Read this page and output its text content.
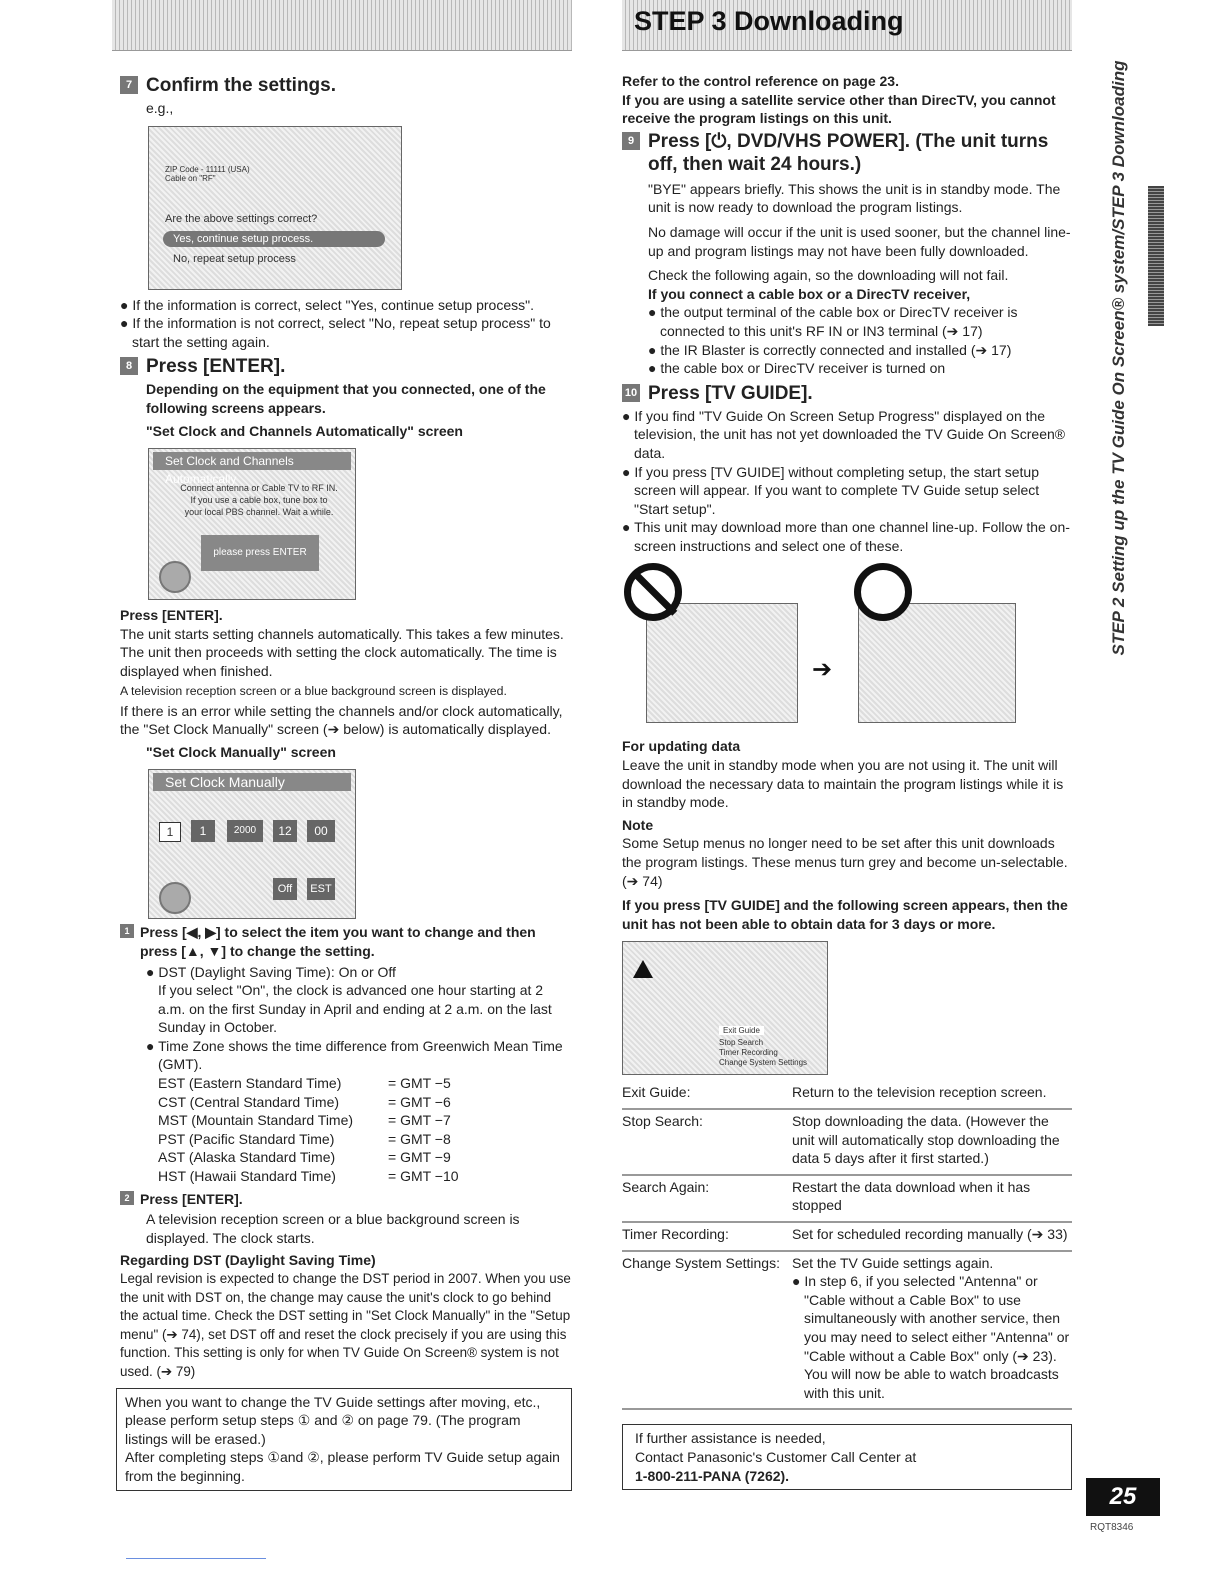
STEP 3 Downloading
7 Confirm the settings.

e.g.,

ZIP Code - 11111 (USA)
Cable on "RF"
Are the above settings correct?
Yes, continue setup process.
No, repeat setup process

● If the information is correct, select "Yes, continue setup process".

● If the information is not correct, select "No, repeat setup process" to start the setting again.

8 Press [ENTER].

Depending on the equipment that you connected, one of the following screens appears.

"Set Clock and Channels Automatically" screen

Set Clock and Channels Automatically
Connect antenna or Cable TV to RF IN.
If you use a cable box, tune box to
your local PBS channel. Wait a while.
please press ENTER

Press [ENTER].

The unit starts setting channels automatically. This takes a few minutes. The unit then proceeds with setting the clock automatically. The time is displayed when finished.

A television reception screen or a blue background screen is displayed.

If there is an error while setting the channels and/or clock automatically, the "Set Clock Manually" screen (➔ below) is automatically displayed.

"Set Clock Manually" screen

Set Clock Manually
1	1	2000	12	00
Off	EST
1 Press [◀, ▶] to select the item you want to change and then press [▲, ▼] to change the setting.

● DST (Daylight Saving Time): On or Off

If you select "On", the clock is advanced one hour starting at 2 a.m. on the first Sunday in April and ending at 2 a.m. on the last Sunday in October.

● Time Zone shows the time difference from Greenwich Mean Time (GMT).

EST (Eastern Standard Time)	= GMT −5
CST (Central Standard Time)	= GMT −6
MST (Mountain Standard Time)	= GMT −7
PST (Pacific Standard Time)	= GMT −8
AST (Alaska Standard Time)	= GMT −9
HST (Hawaii Standard Time)	= GMT −10
2 Press [ENTER].

A television reception screen or a blue background screen is displayed. The clock starts.

Regarding DST (Daylight Saving Time)

Legal revision is expected to change the DST period in 2007. When you use the unit with DST on, the change may cause the unit's clock to go behind the actual time. Check the DST setting in "Set Clock Manually" in the "Setup menu" (➔ 74), set DST off and reset the clock precisely if you are using this function. This setting is only for when TV Guide On Screen® system is not used. (➔ 79)

When you want to change the TV Guide settings after moving, etc., please perform setup steps ① and ② on page 79. (The program listings will be erased.)
After completing steps ①and ②, please perform TV Guide setup again from the beginning.

Refer to the control reference on page 23.

If you are using a satellite service other than DirecTV, you cannot receive the program listings on this unit.

9 Press [⏻, DVD/VHS POWER]. (The unit turns off, then wait 24 hours.)

"BYE" appears briefly. This shows the unit is in standby mode. The unit is now ready to download the program listings.

No damage will occur if the unit is used sooner, but the channel line-up and program listings may not have been fully downloaded.

Check the following again, so the downloading will not fail.

If you connect a cable box or a DirecTV receiver,

● the output terminal of the cable box or DirecTV receiver is connected to this unit's RF IN or IN3 terminal (➔ 17)

● the IR Blaster is correctly connected and installed (➔ 17)

● the cable box or DirecTV receiver is turned on

10 Press [TV GUIDE].

● If you find "TV Guide On Screen Setup Progress" displayed on the television, the unit has not yet downloaded the TV Guide On Screen® data.

● If you press [TV GUIDE] without completing setup, the start setup screen will appear. If you want to complete TV Guide setup select "Start setup".

● This unit may download more than one channel line-up. Follow the on-screen instructions and select one of these.

➔

For updating data

Leave the unit in standby mode when you are not using it. The unit will download the necessary data to maintain the program listings while it is in standby mode.

Note

Some Setup menus no longer need to be set after this unit downloads the program listings. These menus turn grey and become un-selectable. (➔ 74)

If you press [TV GUIDE] and the following screen appears, then the unit has not been able to obtain data for 3 days or more.

Exit Guide
Stop Search
Timer Recording
Change System Settings
Exit Guide:	Return to the television reception screen.
Stop Search:	Stop downloading the data. (However the unit will automatically stop downloading the data 5 days after it first started.)
Search Again:	Restart the data download when it has stopped
Timer Recording:	Set for scheduled recording manually (➔ 33)
Change System Settings:	Set the TV Guide settings again.
● In step 6, if you selected "Antenna" or "Cable without a Cable Box" to use simultaneously with another service, then you may need to select either "Antenna" or "Cable without a Cable Box" only (➔ 23). You will now be able to watch broadcasts with this unit.
If further assistance is needed,
Contact Panasonic's Customer Call Center at
1-800-211-PANA (7262).
STEP 2 Setting up the TV Guide On Screen® system/STEP 3 Downloading
25
RQT8346
